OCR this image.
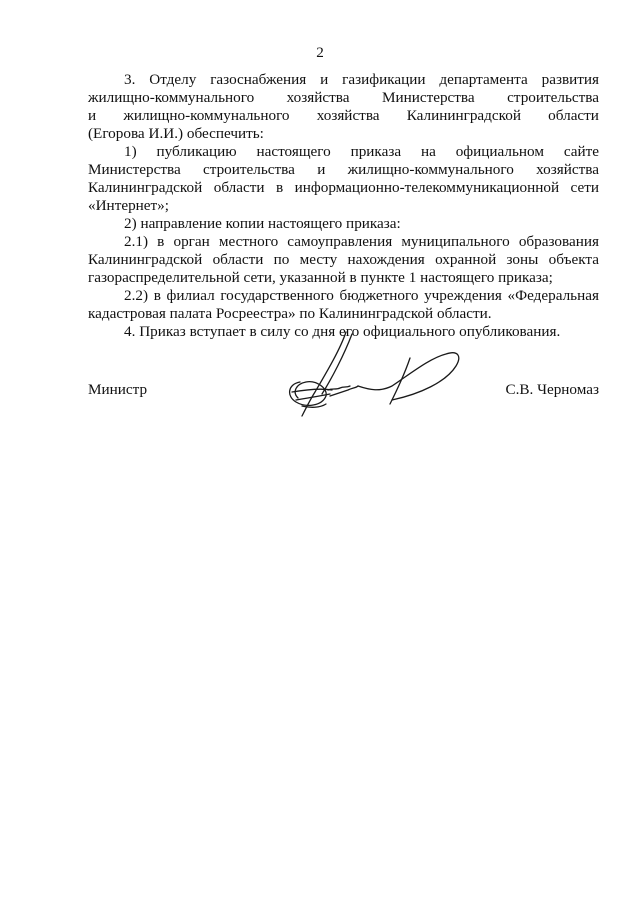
2
3. Отделу газоснабжения и газификации департамента развития
жилищно-коммунального хозяйства Министерства строительства
и жилищно-коммунального хозяйства Калининградской области
(Егорова И.И.) обеспечить:
1) публикацию настоящего приказа на официальном сайте
Министерства строительства и жилищно-коммунального хозяйства
Калининградской области в информационно-телекоммуникационной сети
«Интернет»;
2) направление копии настоящего приказа:
2.1) в орган местного самоуправления муниципального образования
Калининградской области по месту нахождения охранной зоны объекта
газораспределительной сети, указанной в пункте 1 настоящего приказа;
2.2) в филиал государственного бюджетного учреждения «Федеральная
кадастровая палата Росреестра» по Калининградской области.
4. Приказ вступает в силу со дня его официального опубликования.
Министр	С.В. Черномаз
